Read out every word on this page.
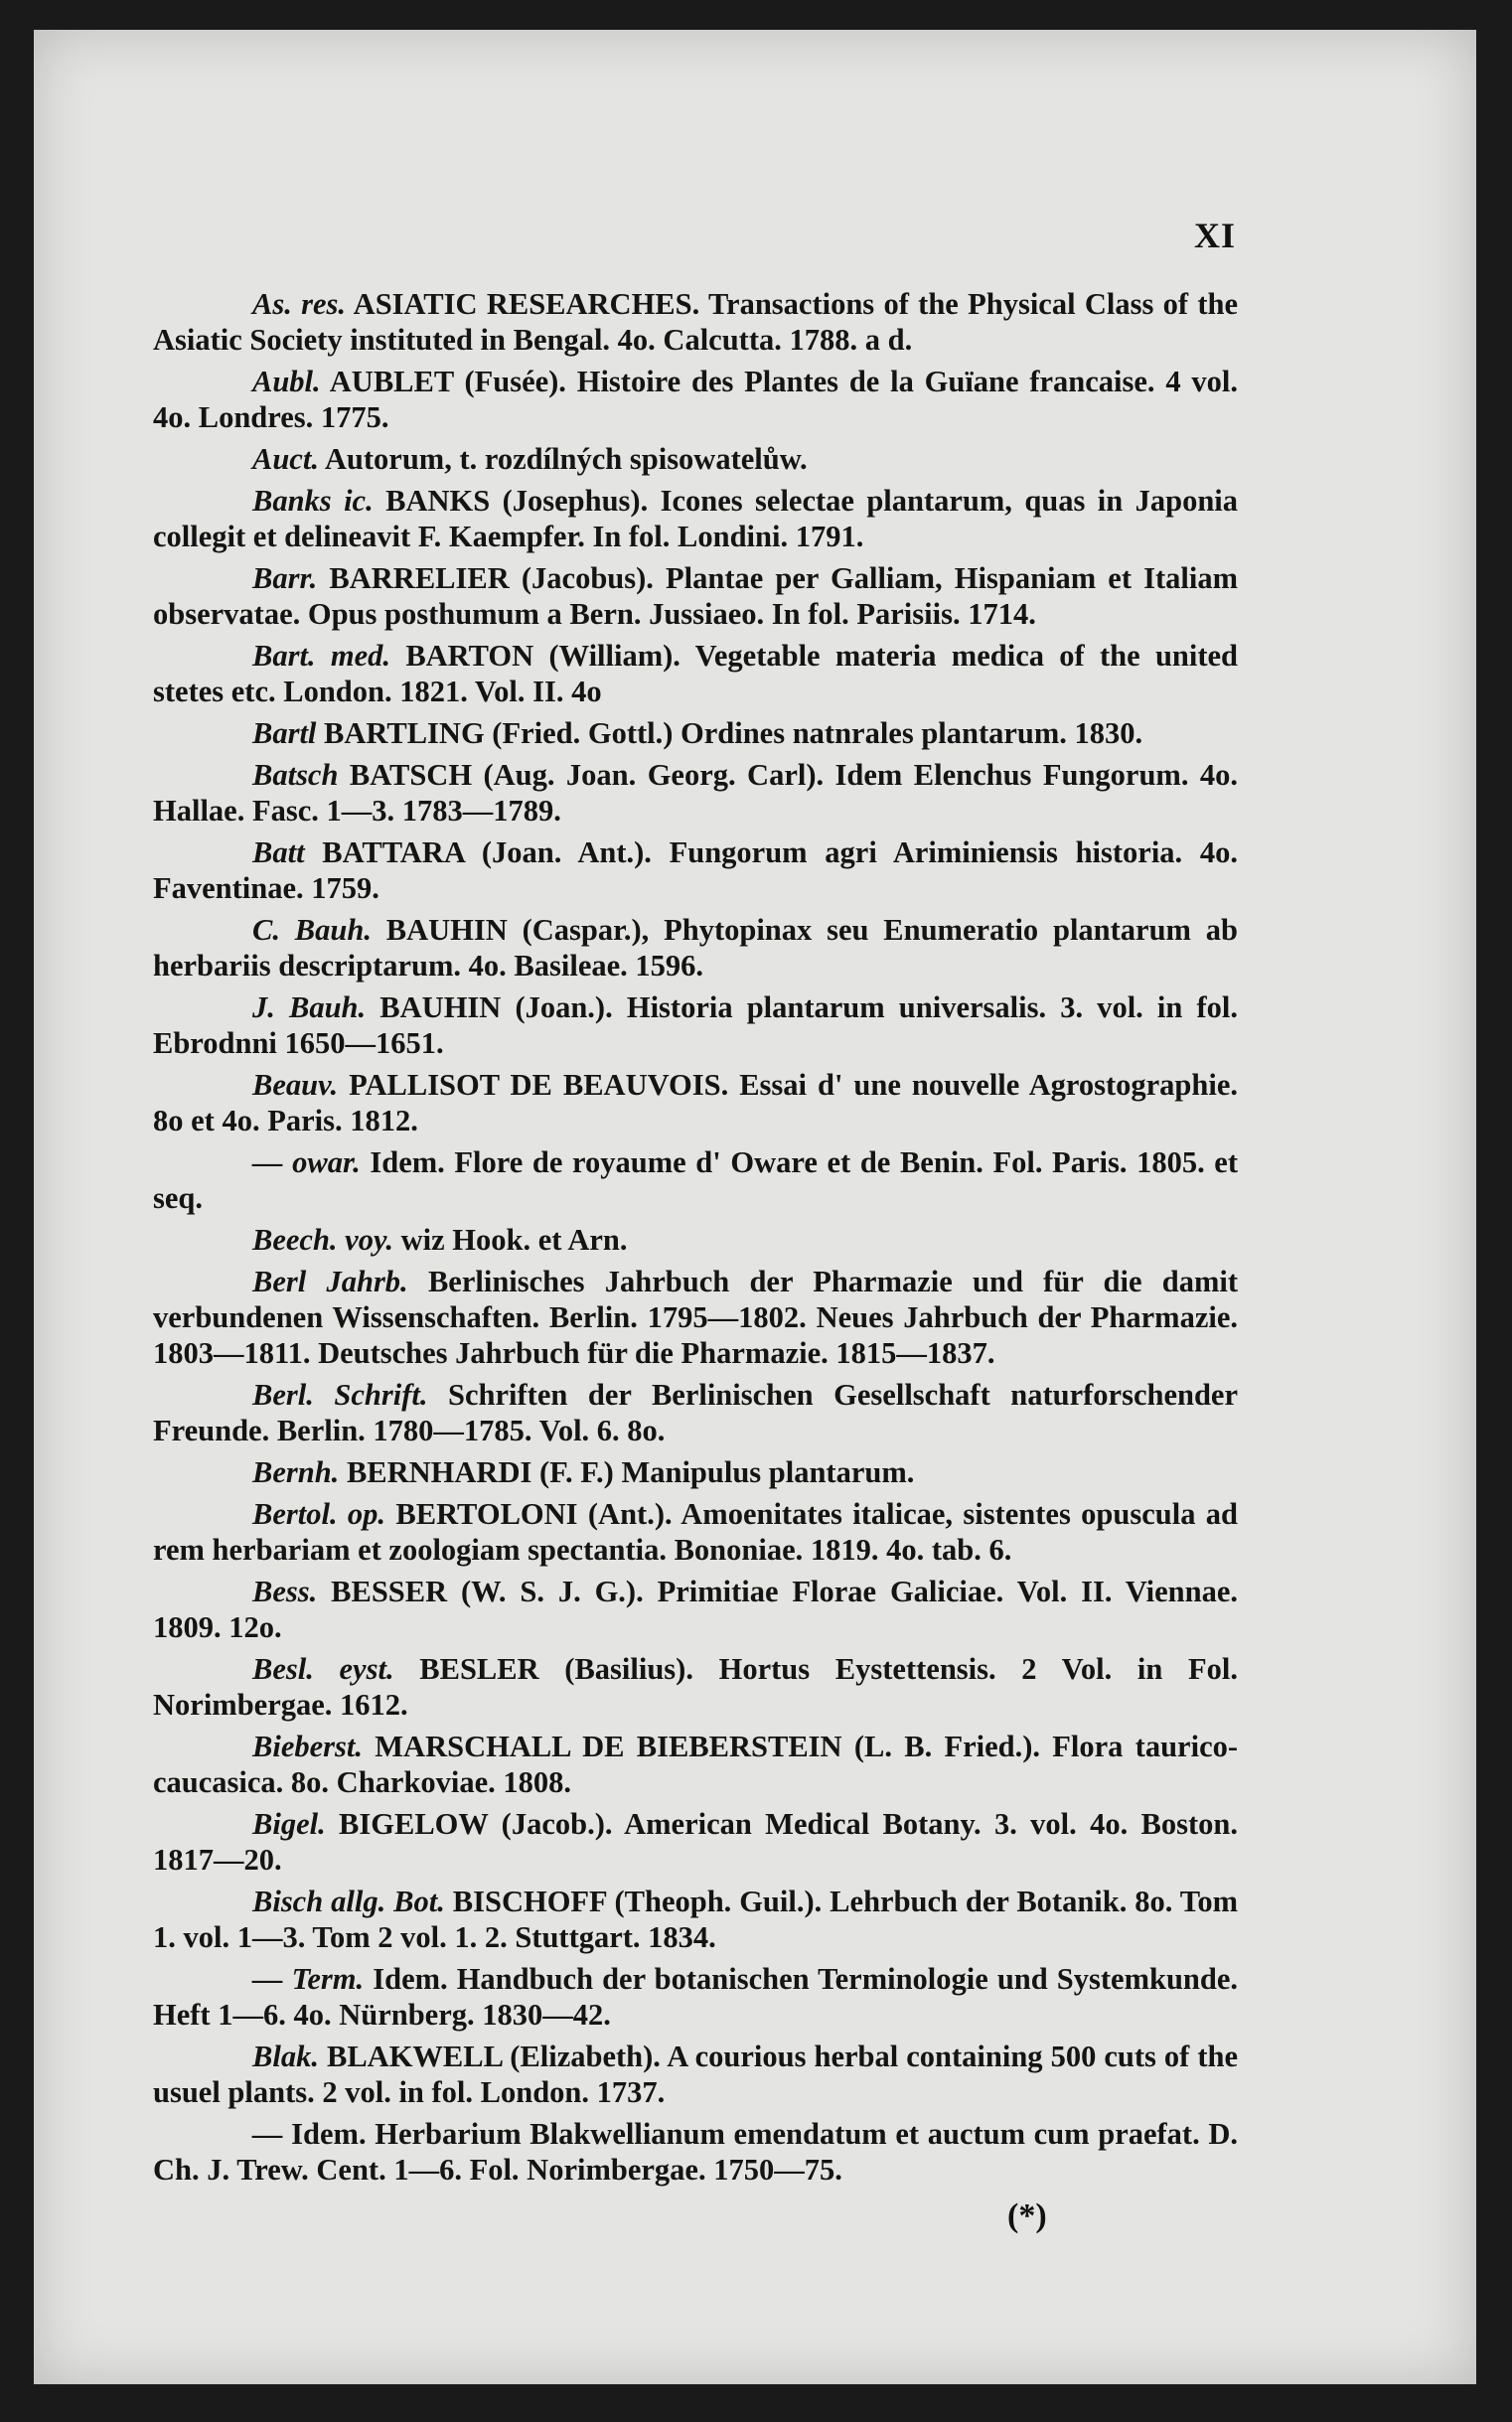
XI

As. res. ASIATIC RESEARCHES. Transactions of the Physical Class of the Asiatic Society instituted in Bengal. 4o. Calcutta. 1788. a d.

Aubl. AUBLET (Fusée). Histoire des Plantes de la Guïane francaise. 4 vol. 4o. Londres. 1775.

Auct. Autorum, t. rozdílných spisowatelůw.

Banks ic. BANKS (Josephus). Icones selectae plantarum, quas in Japonia collegit et delineavit F. Kaempfer. In fol. Londini. 1791.

Barr. BARRELIER (Jacobus). Plantae per Galliam, Hispaniam et Italiam observatae. Opus posthumum a Bern. Jussiaeo. In fol. Parisiis. 1714.

Bart. med. BARTON (William). Vegetable materia medica of the united stetes etc. London. 1821. Vol. II. 4o

Bartl BARTLING (Fried. Gottl.) Ordines natnrales plantarum. 1830.

Batsch BATSCH (Aug. Joan. Georg. Carl). Idem Elenchus Fungorum. 4o. Hallae. Fasc. 1—3. 1783—1789.

Batt BATTARA (Joan. Ant.). Fungorum agri Ariminiensis historia. 4o. Faventinae. 1759.

C. Bauh. BAUHIN (Caspar.), Phytopinax seu Enumeratio plantarum ab herbariis descriptarum. 4o. Basileae. 1596.

J. Bauh. BAUHIN (Joan.). Historia plantarum universalis. 3. vol. in fol. Ebrodnni 1650—1651.

Beauv. PALLISOT DE BEAUVOIS. Essai d' une nouvelle Agrostographie. 8o et 4o. Paris. 1812.

— owar. Idem. Flore de royaume d' Oware et de Benin. Fol. Paris. 1805. et seq.

Beech. voy. wiz Hook. et Arn.

Berl Jahrb. Berlinisches Jahrbuch der Pharmazie und für die damit verbundenen Wissenschaften. Berlin. 1795—1802. Neues Jahrbuch der Pharmazie. 1803—1811. Deutsches Jahrbuch für die Pharmazie. 1815—1837.

Berl. Schrift. Schriften der Berlinischen Gesellschaft naturforschender Freunde. Berlin. 1780—1785. Vol. 6. 8o.

Bernh. BERNHARDI (F. F.) Manipulus plantarum.

Bertol. op. BERTOLONI (Ant.). Amoenitates italicae, sistentes opuscula ad rem herbariam et zoologiam spectantia. Bononiae. 1819. 4o. tab. 6.

Bess. BESSER (W. S. J. G.). Primitiae Florae Galiciae. Vol. II. Viennae. 1809. 12o.

Besl. eyst. BESLER (Basilius). Hortus Eystettensis. 2 Vol. in Fol. Norimbergae. 1612.

Bieberst. MARSCHALL DE BIEBERSTEIN (L. B. Fried.). Flora taurico-caucasica. 8o. Charkoviae. 1808.

Bigel. BIGELOW (Jacob.). American Medical Botany. 3. vol. 4o. Boston. 1817—20.

Bisch allg. Bot. BISCHOFF (Theoph. Guil.). Lehrbuch der Botanik. 8o. Tom 1. vol. 1—3. Tom 2 vol. 1. 2. Stuttgart. 1834.

— Term. Idem. Handbuch der botanischen Terminologie und Systemkunde. Heft 1—6. 4o. Nürnberg. 1830—42.

Blak. BLAKWELL (Elizabeth). A courious herbal containing 500 cuts of the usuel plants. 2 vol. in fol. London. 1737.

— Idem. Herbarium Blakwellianum emendatum et auctum cum praefat. D. Ch. J. Trew. Cent. 1—6. Fol. Norimbergae. 1750—75.

(*)
